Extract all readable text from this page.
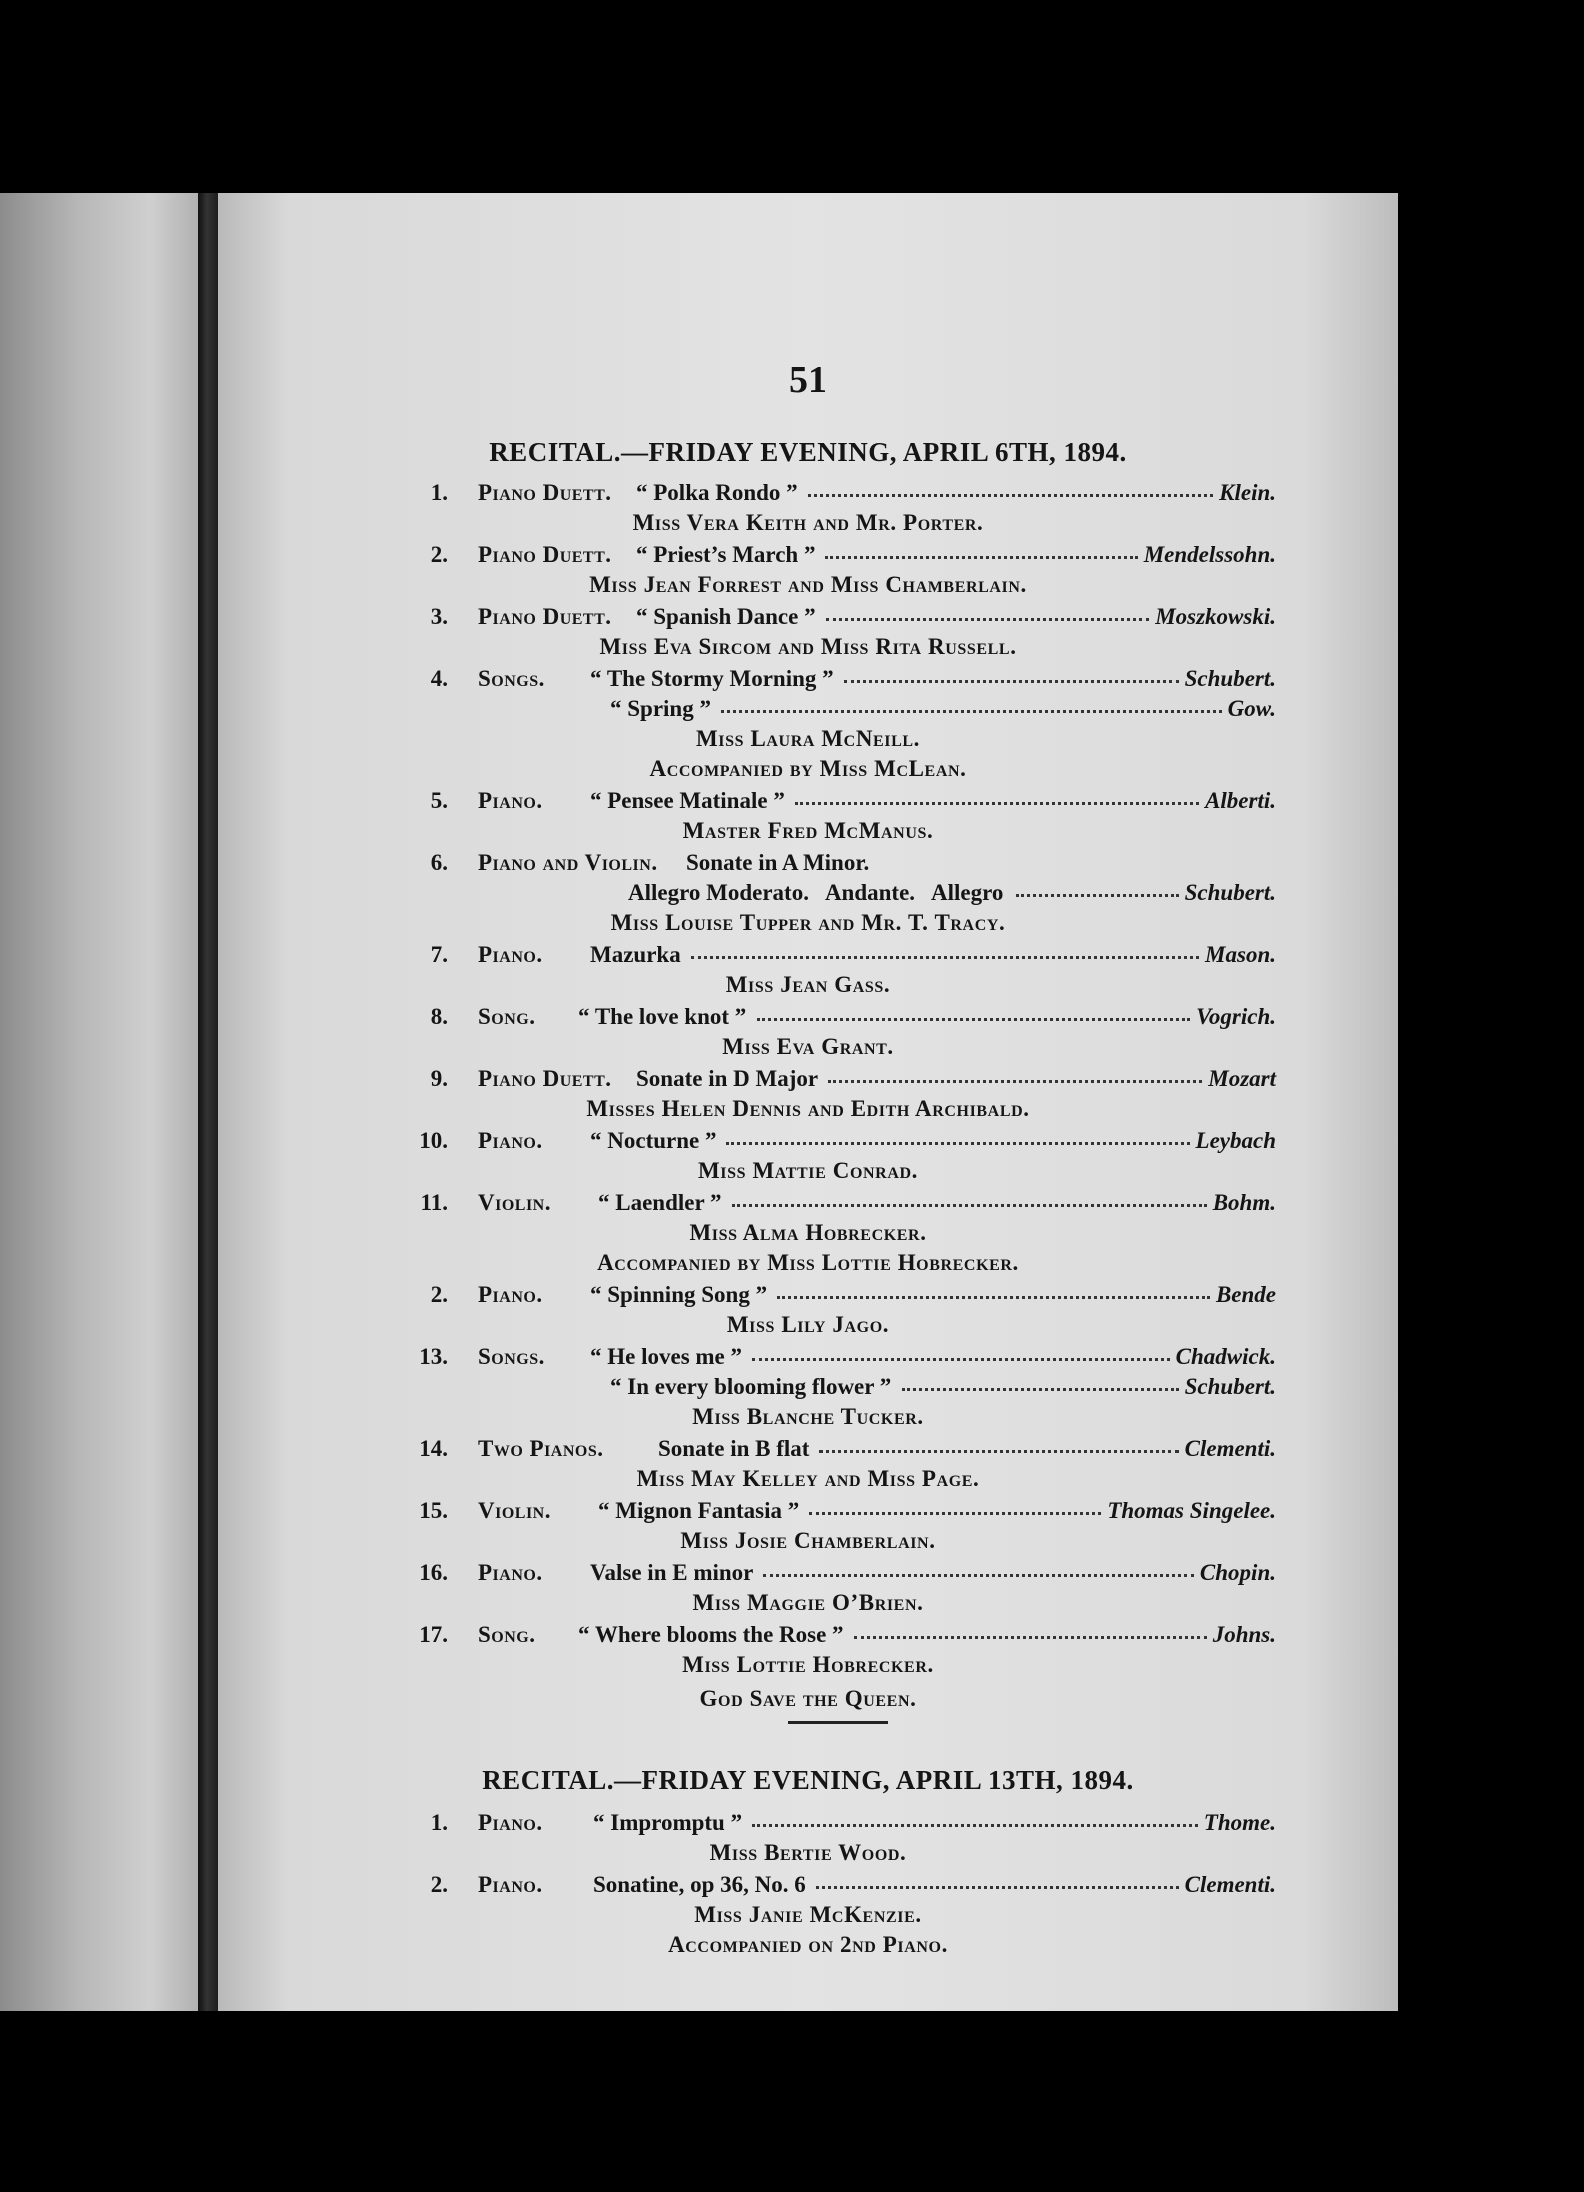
51
RECITAL.—FRIDAY EVENING, APRIL 6TH, 1894.
1. Piano Duett. “ Polka Rondo ”	Klein.
Miss Vera Keith and Mr. Porter.
2. Piano Duett. “ Priest’s March ”	Mendelssohn.
Miss Jean Forrest and Miss Chamberlain.
3. Piano Duett. “ Spanish Dance ”	Moszkowski.
Miss Eva Sircom and Miss Rita Russell.
4. Songs. “ The Stormy Morning ”	Schubert.
“ Spring ”	Gow.
Miss Laura McNeill.
Accompanied by Miss McLean.
5. Piano. “ Pensee Matinale ”	Alberti.
Master Fred McManus.
6. Piano and Violin. Sonate in A Minor.
Allegro Moderato.   Andante.   Allegro	Schubert.
Miss Louise Tupper and Mr. T. Tracy.
7. Piano. Mazurka	Mason.
Miss Jean Gass.
8. Song. “ The love knot ”	Vogrich.
Miss Eva Grant.
9. Piano Duett. Sonate in D Major	Mozart
Misses Helen Dennis and Edith Archibald.
10. Piano. “ Nocturne ”	Leybach
Miss Mattie Conrad.
11. Violin. “ Laendler ”	Bohm.
Miss Alma Hobrecker.
Accompanied by Miss Lottie Hobrecker.
2. Piano. “ Spinning Song ”	Bende
Miss Lily Jago.
13. Songs. “ He loves me ”	Chadwick.
“ In every blooming flower ”	Schubert.
Miss Blanche Tucker.
14. Two Pianos. Sonate in B flat	Clementi.
Miss May Kelley and Miss Page.
15. Violin. “ Mignon Fantasia ”	Thomas Singelee.
Miss Josie Chamberlain.
16. Piano. Valse in E minor	Chopin.
Miss Maggie O’Brien.
17. Song. “ Where blooms the Rose ”	Johns.
Miss Lottie Hobrecker.
God Save the Queen.
RECITAL.—FRIDAY EVENING, APRIL 13TH, 1894.
1. Piano. “ Impromptu ”	Thome.
Miss Bertie Wood.
2. Piano. Sonatine, op 36, No. 6	Clementi.
Miss Janie McKenzie.
Accompanied on 2nd Piano.
